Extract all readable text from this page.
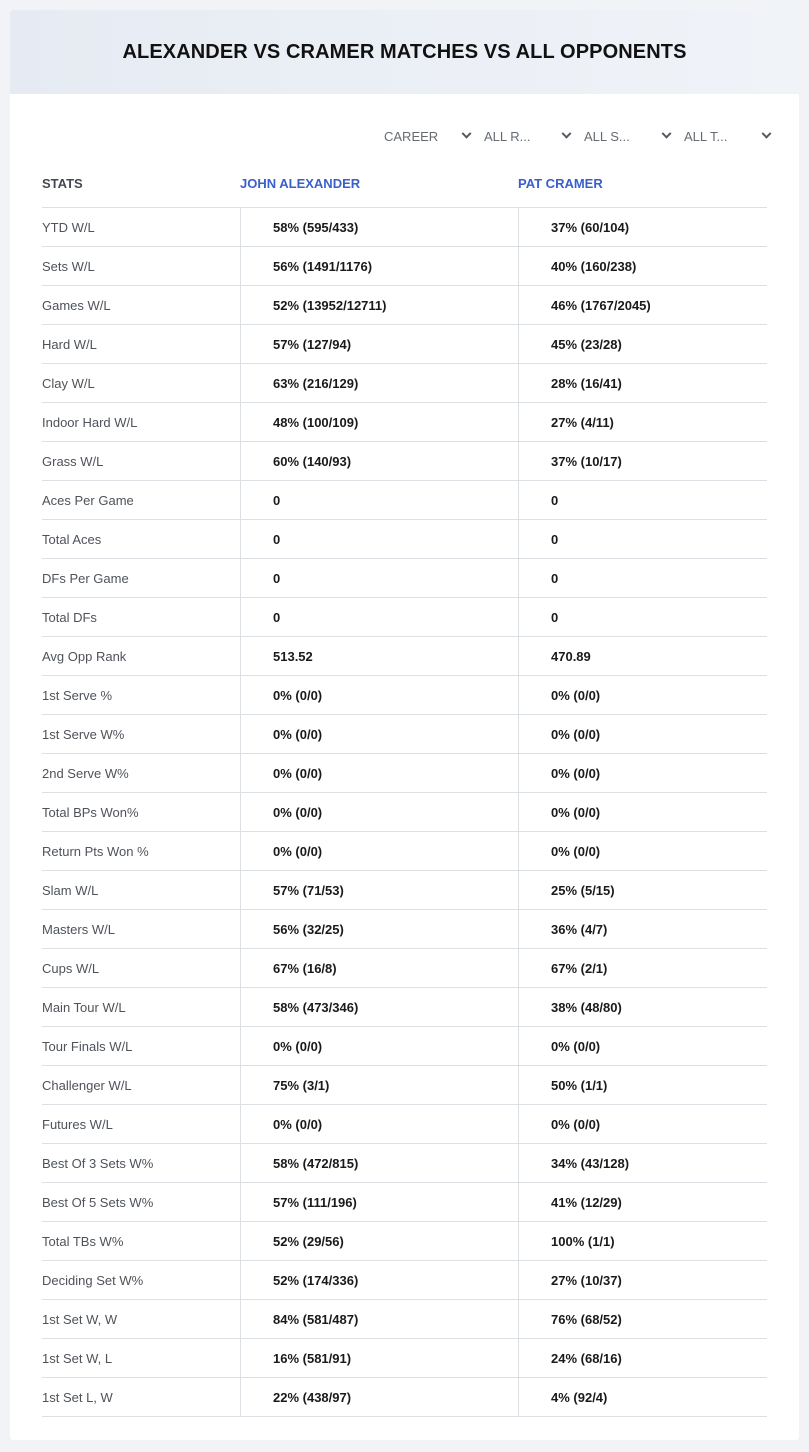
ALEXANDER VS CRAMER MATCHES VS ALL OPPONENTS
CAREER	ALL R...	ALL S...	ALL T...
STATS	JOHN ALEXANDER	PAT CRAMER
YTD W/L	58% (595/433)	37% (60/104)
Sets W/L	56% (1491/1176)	40% (160/238)
Games W/L	52% (13952/12711)	46% (1767/2045)
Hard W/L	57% (127/94)	45% (23/28)
Clay W/L	63% (216/129)	28% (16/41)
Indoor Hard W/L	48% (100/109)	27% (4/11)
Grass W/L	60% (140/93)	37% (10/17)
Aces Per Game	0	0
Total Aces	0	0
DFs Per Game	0	0
Total DFs	0	0
Avg Opp Rank	513.52	470.89
1st Serve %	0% (0/0)	0% (0/0)
1st Serve W%	0% (0/0)	0% (0/0)
2nd Serve W%	0% (0/0)	0% (0/0)
Total BPs Won%	0% (0/0)	0% (0/0)
Return Pts Won %	0% (0/0)	0% (0/0)
Slam W/L	57% (71/53)	25% (5/15)
Masters W/L	56% (32/25)	36% (4/7)
Cups W/L	67% (16/8)	67% (2/1)
Main Tour W/L	58% (473/346)	38% (48/80)
Tour Finals W/L	0% (0/0)	0% (0/0)
Challenger W/L	75% (3/1)	50% (1/1)
Futures W/L	0% (0/0)	0% (0/0)
Best Of 3 Sets W%	58% (472/815)	34% (43/128)
Best Of 5 Sets W%	57% (111/196)	41% (12/29)
Total TBs W%	52% (29/56)	100% (1/1)
Deciding Set W%	52% (174/336)	27% (10/37)
1st Set W, W	84% (581/487)	76% (68/52)
1st Set W, L	16% (581/91)	24% (68/16)
1st Set L, W	22% (438/97)	4% (92/4)
